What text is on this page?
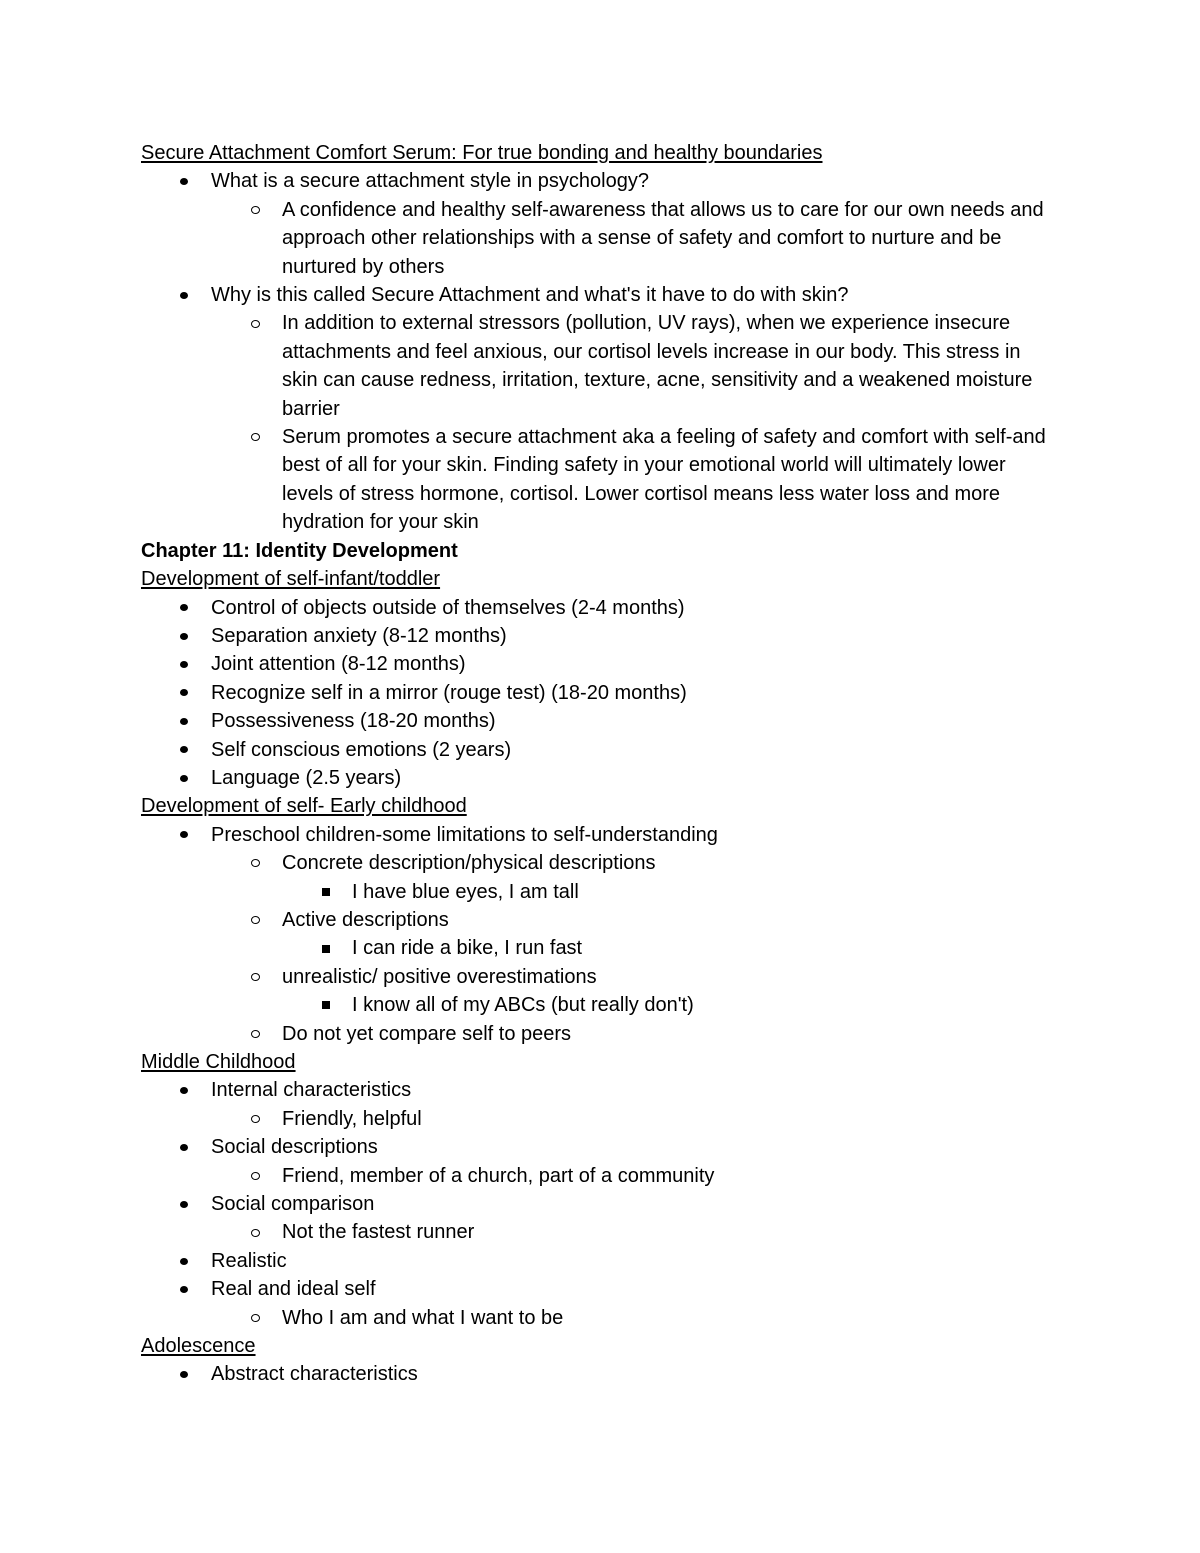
Secure Attachment Comfort Serum: For true bonding and healthy boundaries
What is a secure attachment style in psychology?
A confidence and healthy self-awareness that allows us to care for our own needs and approach other relationships with a sense of safety and comfort to nurture and be nurtured by others
Why is this called Secure Attachment and what's it have to do with skin?
In addition to external stressors (pollution, UV rays), when we experience insecure attachments and feel anxious, our cortisol levels increase in our body. This stress in skin can cause redness, irritation, texture, acne, sensitivity and a weakened moisture barrier
Serum promotes a secure attachment aka a feeling of safety and comfort with self-and best of all for your skin. Finding safety in your emotional world will ultimately lower levels of stress hormone, cortisol. Lower cortisol means less water loss and more hydration for your skin
Chapter 11: Identity Development
Development of self-infant/toddler
Control of objects outside of themselves (2-4 months)
Separation anxiety (8-12 months)
Joint attention (8-12 months)
Recognize self in a mirror (rouge test) (18-20 months)
Possessiveness (18-20 months)
Self conscious emotions (2 years)
Language (2.5 years)
Development of self- Early childhood
Preschool children-some limitations to self-understanding
Concrete description/physical descriptions
I have blue eyes, I am tall
Active descriptions
I can ride a bike, I run fast
unrealistic/ positive overestimations
I know all of my ABCs (but really don't)
Do not yet compare self to peers
Middle Childhood
Internal characteristics
Friendly, helpful
Social descriptions
Friend, member of a church, part of a community
Social comparison
Not the fastest runner
Realistic
Real and ideal self
Who I am and what I want to be
Adolescence
Abstract characteristics
